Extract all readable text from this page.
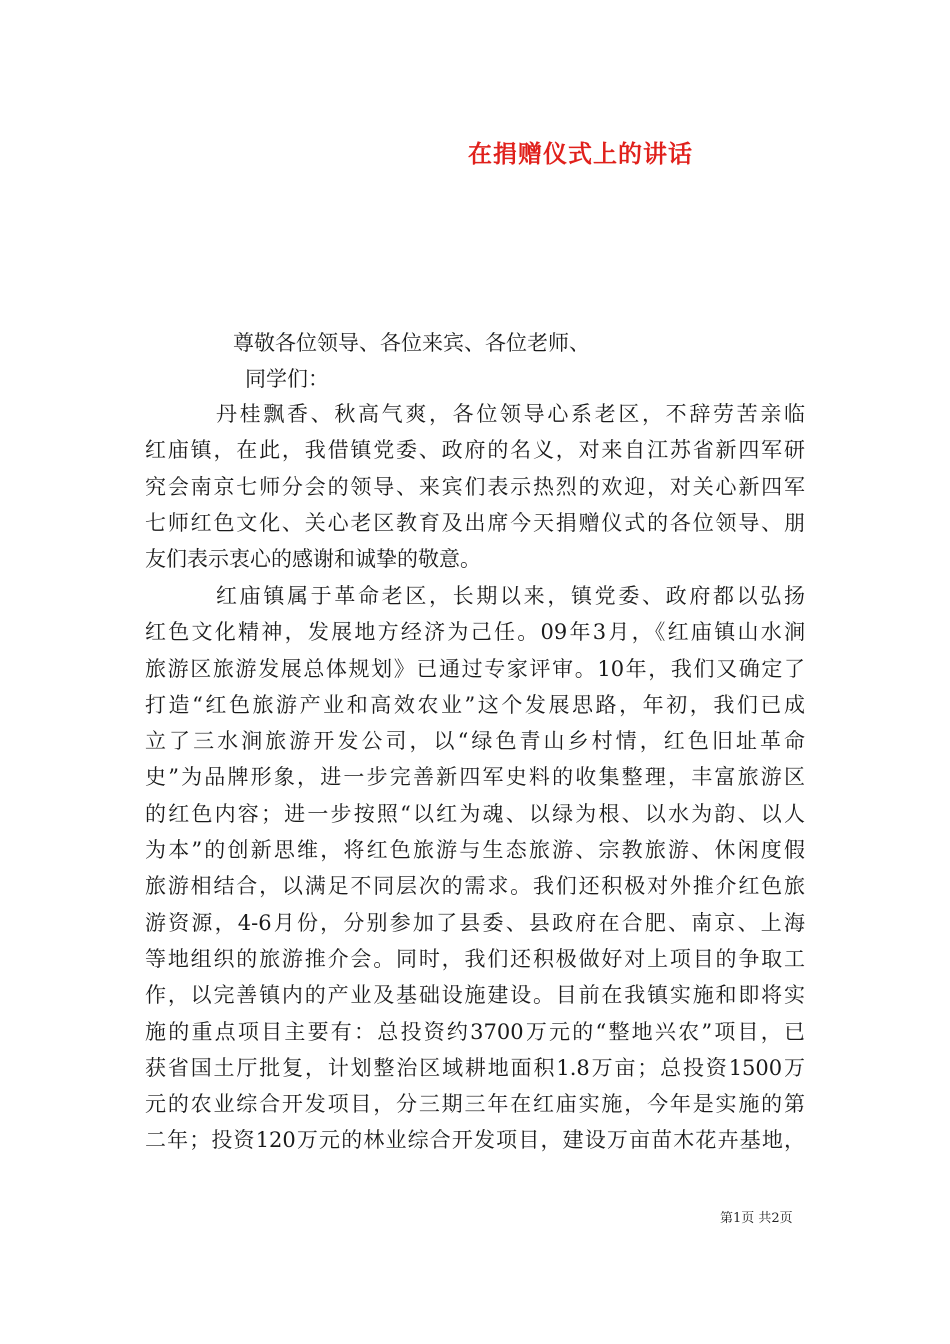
在捐赠仪式上的讲话
尊敬各位领导、各位来宾、各位老师、
同学们：
　　　丹桂飘香、秋高气爽，各位领导心系老区，不辞劳苦亲临
红庙镇，在此，我借镇党委、政府的名义，对来自江苏省新四军研
究会南京七师分会的领导、来宾们表示热烈的欢迎，对关心新四军
七师红色文化、关心老区教育及出席今天捐赠仪式的各位领导、朋
友们表示衷心的感谢和诚挚的敬意。
　　　红庙镇属于革命老区，长期以来，镇党委、政府都以弘扬
红色文化精神，发展地方经济为己任。09年3月，《红庙镇山水涧
旅游区旅游发展总体规划》已通过专家评审。10年，我们又确定了
打造“红色旅游产业和高效农业”这个发展思路，年初，我们已成
立了三水涧旅游开发公司，以“绿色青山乡村情，红色旧址革命
史”为品牌形象，进一步完善新四军史料的收集整理，丰富旅游区
的红色内容；进一步按照“以红为魂、以绿为根、以水为韵、以人
为本”的创新思维，将红色旅游与生态旅游、宗教旅游、休闲度假
旅游相结合，以满足不同层次的需求。我们还积极对外推介红色旅
游资源，4-6月份，分别参加了县委、县政府在合肥、南京、上海
等地组织的旅游推介会。同时，我们还积极做好对上项目的争取工
作，以完善镇内的产业及基础设施建设。目前在我镇实施和即将实
施的重点项目主要有：总投资约3700万元的“整地兴农”项目，已
获省国土厅批复，计划整治区域耕地面积1.8万亩；总投资1500万
元的农业综合开发项目，分三期三年在红庙实施，今年是实施的第
二年；投资120万元的林业综合开发项目，建设万亩苗木花卉基地，
第1页 共2页
